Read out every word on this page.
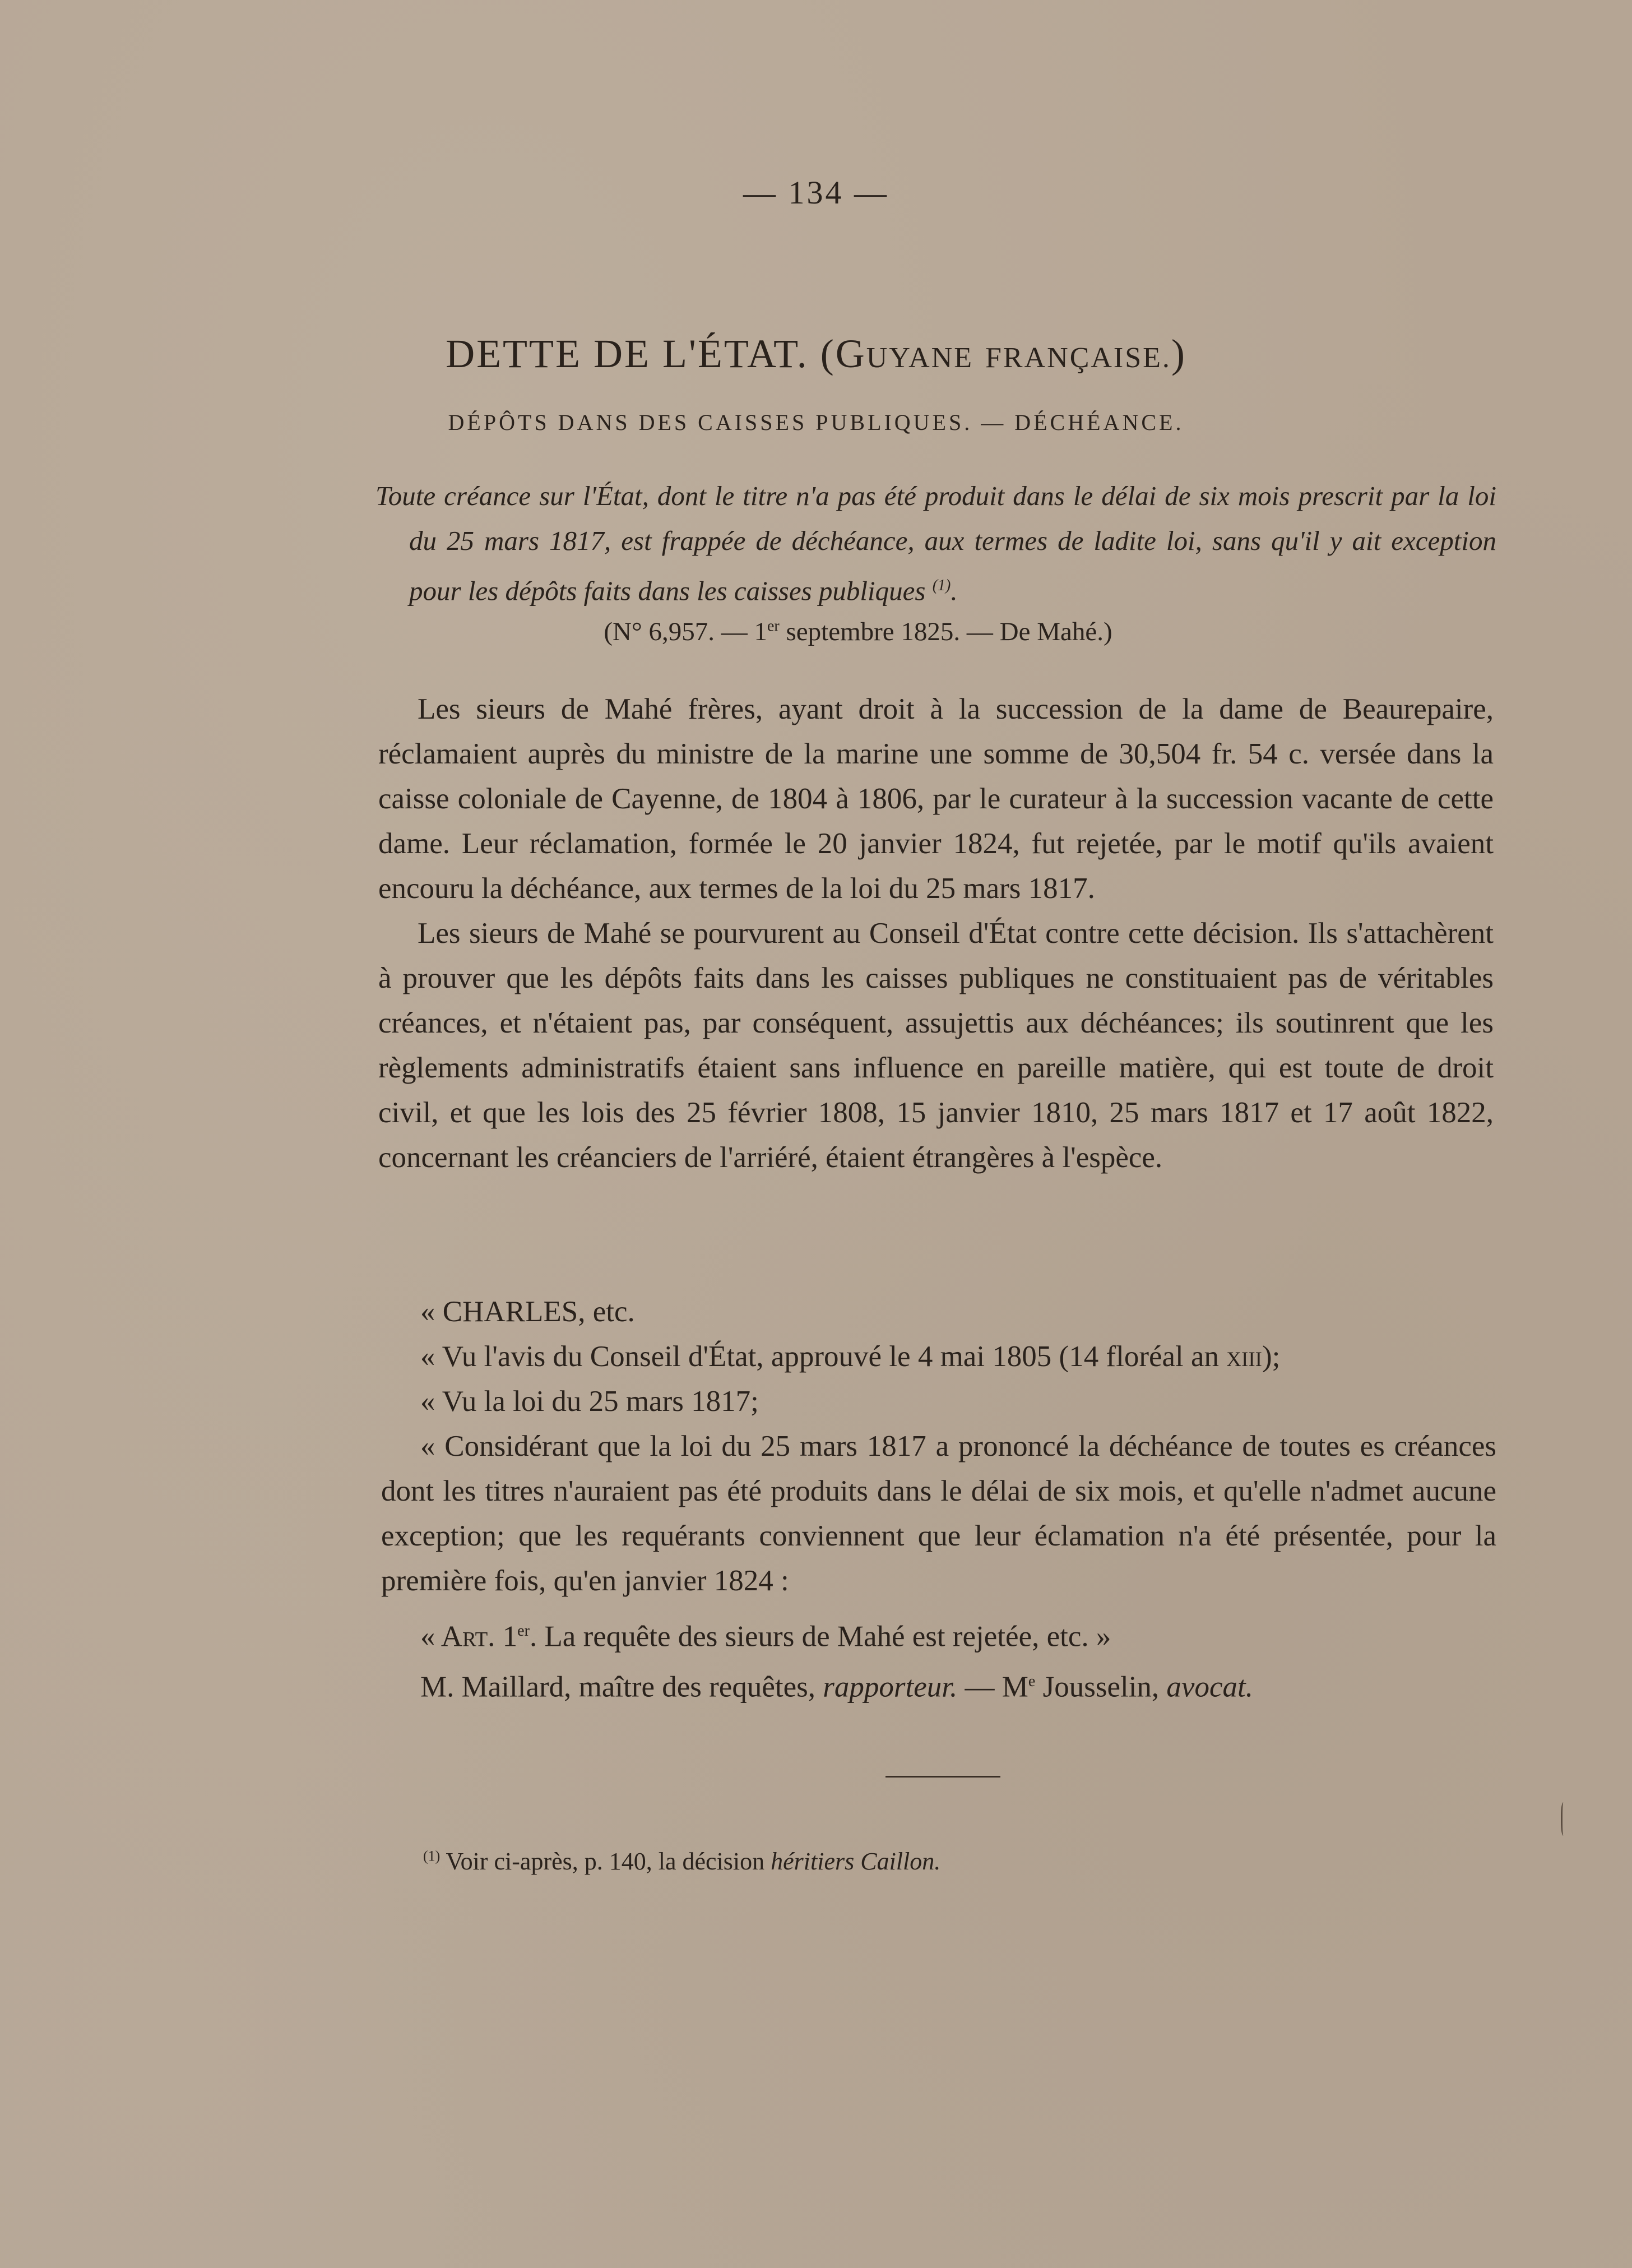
— 134 —
DETTE DE L'ÉTAT. (GUYANE FRANÇAISE.)
DÉPÔTS DANS DES CAISSES PUBLIQUES. — DÉCHÉANCE.

Toute créance sur l'État, dont le titre n'a pas été produit dans le délai de six mois prescrit par la loi du 25 mars 1817, est frappée de déchéance, aux termes de ladite loi, sans qu'il y ait exception pour les dépôts faits dans les caisses publiques $^{(1)}$.

(N° 6,957. — 1er septembre 1825. — De Mahé.)

Les sieurs de Mahé frères, ayant droit à la succession de la dame de Beaurepaire, réclamaient auprès du ministre de la marine une somme de 30,504 fr. 54 c. versée dans la caisse coloniale de Cayenne, de 1804 à 1806, par le curateur à la succession vacante de cette dame. Leur réclamation, formée le 20 janvier 1824, fut rejetée, par le motif qu'ils avaient encouru la déchéance, aux termes de la loi du 25 mars 1817.

Les sieurs de Mahé se pourvurent au Conseil d'État contre cette décision. Ils s'attachèrent à prouver que les dépôts faits dans les caisses publiques ne constituaient pas de véritables créances, et n'étaient pas, par conséquent, assujettis aux déchéances; ils soutinrent que les règlements administratifs étaient sans influence en pareille matière, qui est toute de droit civil, et que les lois des 25 février 1808, 15 janvier 1810, 25 mars 1817 et 17 août 1822, concernant les créanciers de l'arriéré, étaient étrangères à l'espèce.

« CHARLES, etc.

« Vu l'avis du Conseil d'État, approuvé le 4 mai 1805 (14 floréal an xiii);

« Vu la loi du 25 mars 1817;

« Considérant que la loi du 25 mars 1817 a prononcé la déchéance de toutes es créances dont les titres n'auraient pas été produits dans le délai de six mois, et qu'elle n'admet aucune exception; que les requérants conviennent que leur éclamation n'a été présentée, pour la première fois, qu'en janvier 1824 :

« Art. 1er. La requête des sieurs de Mahé est rejetée, etc. »

M. Maillard, maître des requêtes, rapporteur. — Me Jousselin, avocat.

$^{(1)}$ Voir ci-après, p. 140, la décision héritiers Caillon.
